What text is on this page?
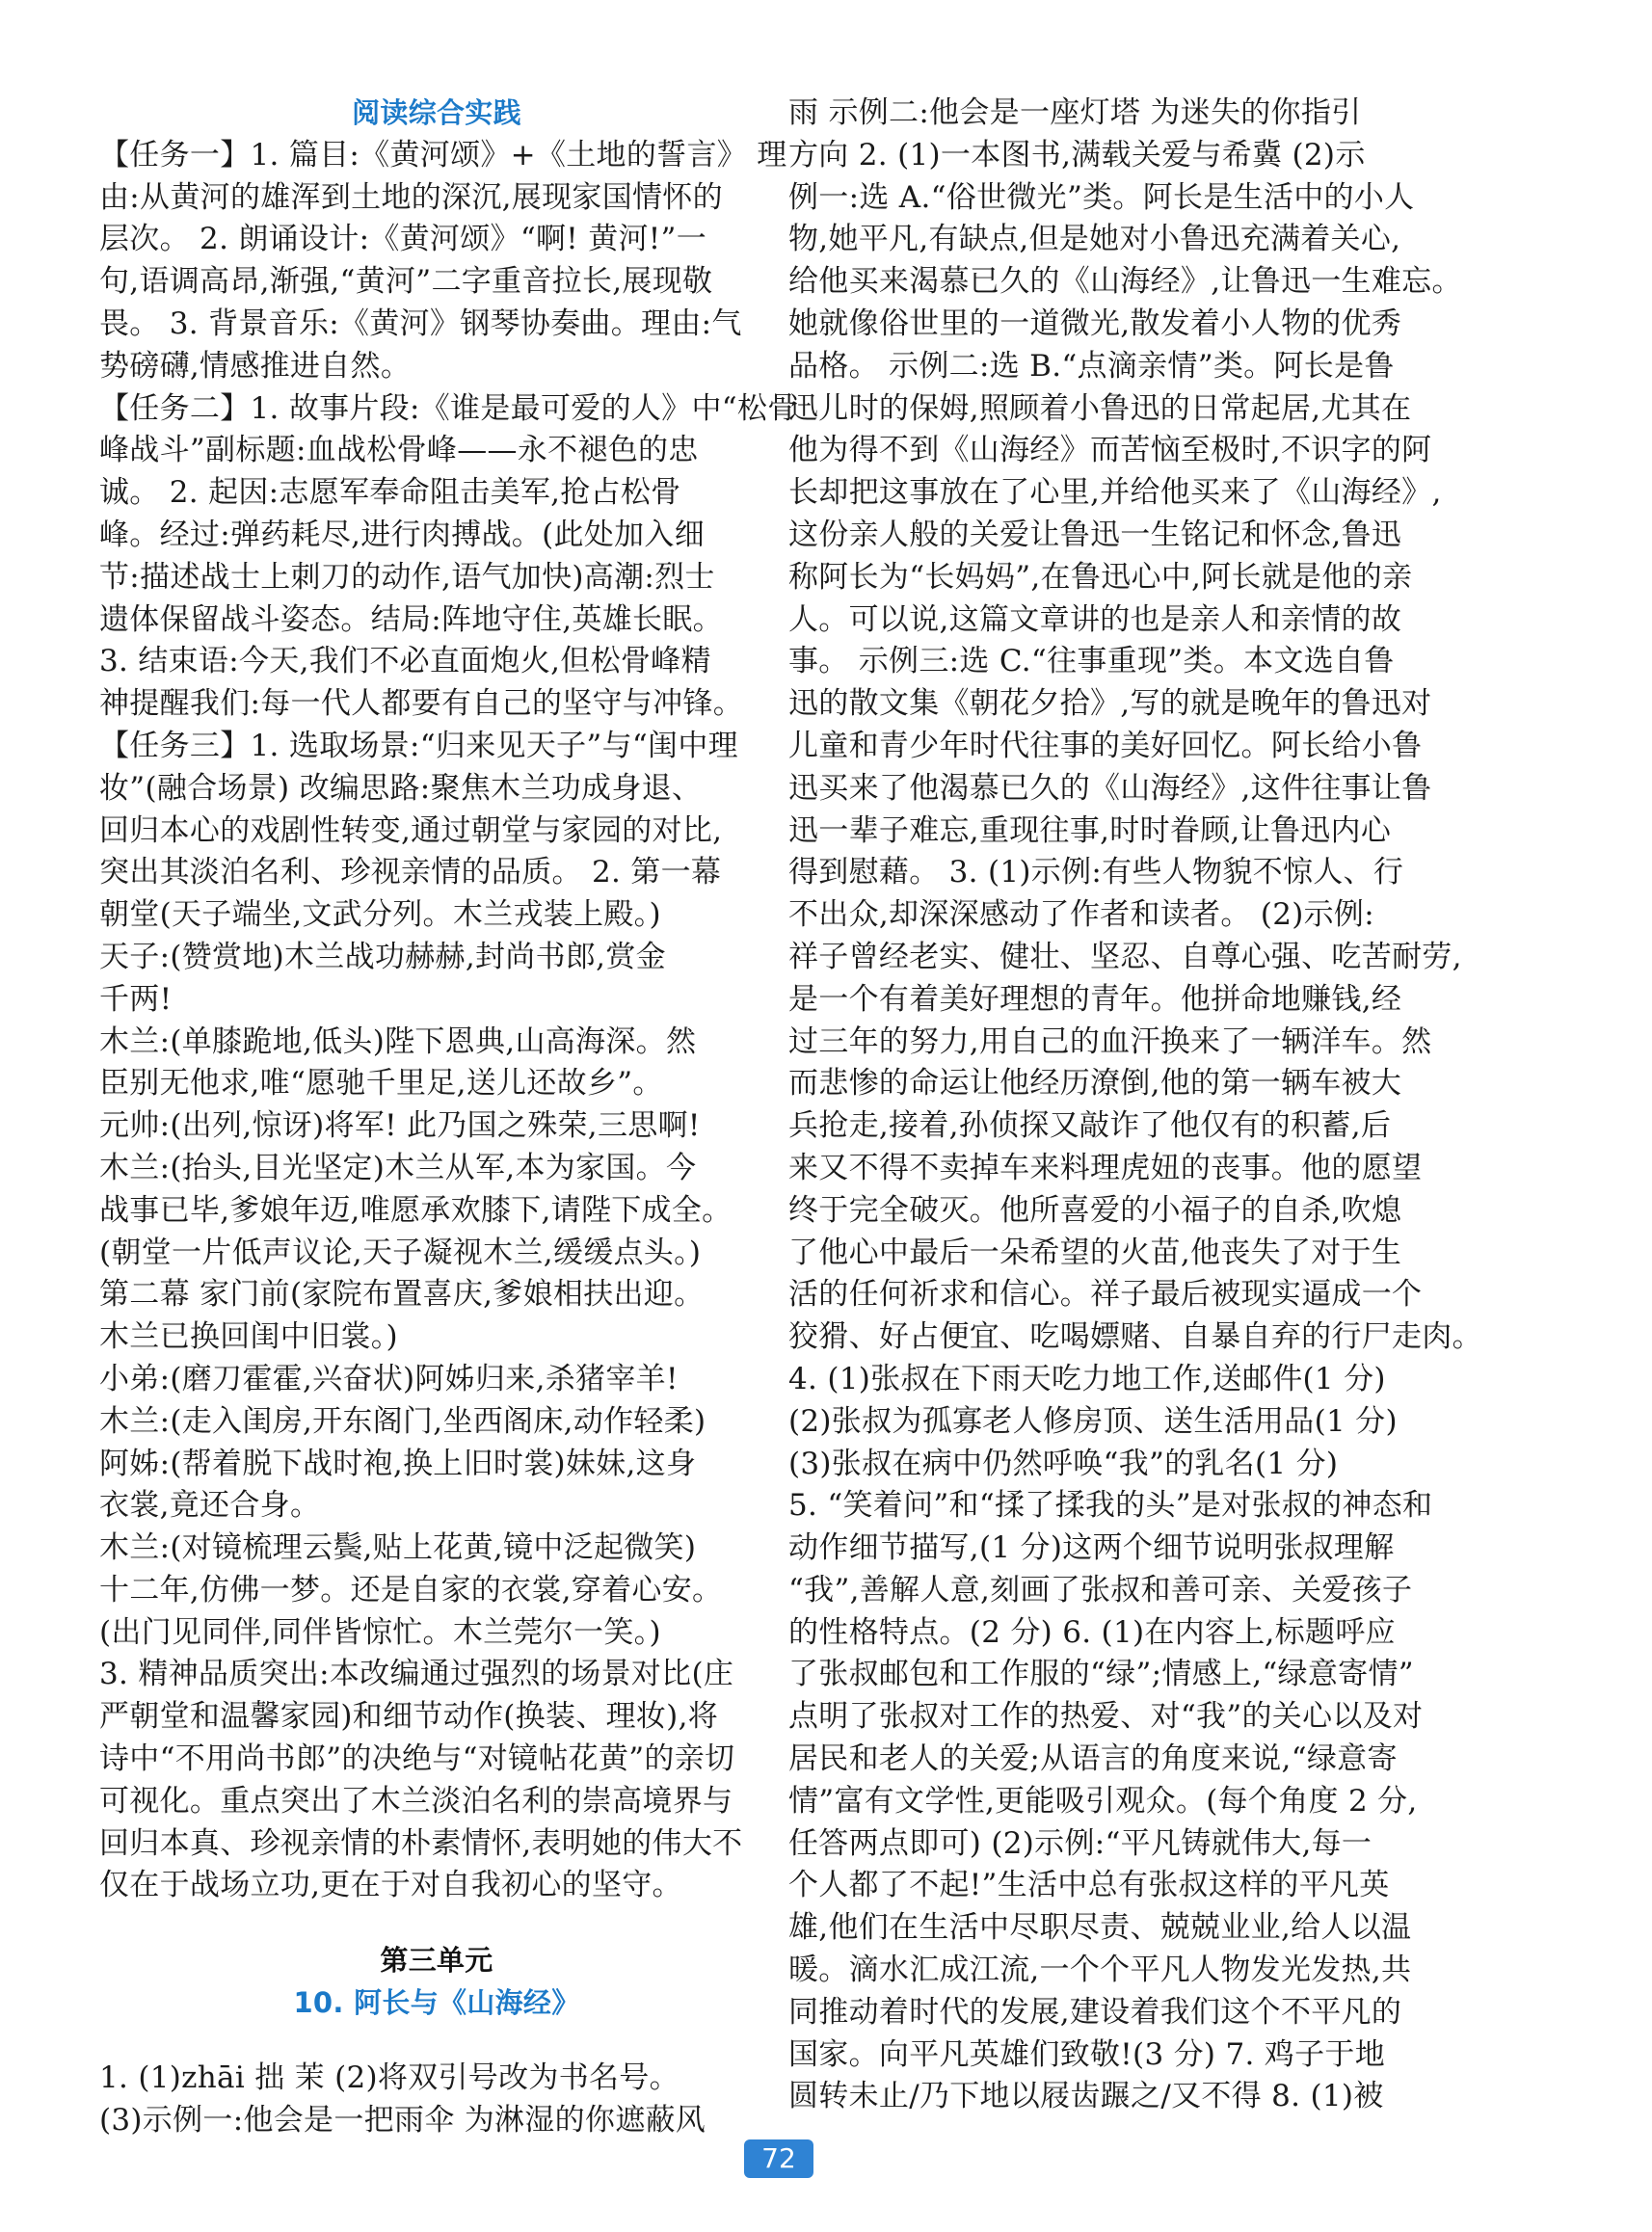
阅读综合实践
【任务一】1. 篇目:《黄河颂》+《土地的誓言》 理
由:从黄河的雄浑到土地的深沉,展现家国情怀的
层次。 2. 朗诵设计:《黄河颂》“啊! 黄河!”一
句,语调高昂,渐强,“黄河”二字重音拉长,展现敬
畏。 3. 背景音乐:《黄河》钢琴协奏曲。理由:气
势磅礴,情感推进自然。
【任务二】1. 故事片段:《谁是最可爱的人》中“松骨
峰战斗”副标题:血战松骨峰——永不褪色的忠
诚。 2. 起因:志愿军奉命阻击美军,抢占松骨
峰。经过:弹药耗尽,进行肉搏战。(此处加入细
节:描述战士上刺刀的动作,语气加快)高潮:烈士
遗体保留战斗姿态。结局:阵地守住,英雄长眠。
3. 结束语:今天,我们不必直面炮火,但松骨峰精
神提醒我们:每一代人都要有自己的坚守与冲锋。
【任务三】1. 选取场景:“归来见天子”与“闺中理
妆”(融合场景) 改编思路:聚焦木兰功成身退、
回归本心的戏剧性转变,通过朝堂与家园的对比,
突出其淡泊名利、珍视亲情的品质。 2. 第一幕
朝堂(天子端坐,文武分列。木兰戎装上殿。)
天子:(赞赏地)木兰战功赫赫,封尚书郎,赏金
千两!
木兰:(单膝跪地,低头)陛下恩典,山高海深。然
臣别无他求,唯“愿驰千里足,送儿还故乡”。
元帅:(出列,惊讶)将军! 此乃国之殊荣,三思啊!
木兰:(抬头,目光坚定)木兰从军,本为家国。今
战事已毕,爹娘年迈,唯愿承欢膝下,请陛下成全。
(朝堂一片低声议论,天子凝视木兰,缓缓点头。)
第二幕 家门前(家院布置喜庆,爹娘相扶出迎。
木兰已换回闺中旧裳。)
小弟:(磨刀霍霍,兴奋状)阿姊归来,杀猪宰羊!
木兰:(走入闺房,开东阁门,坐西阁床,动作轻柔)
阿姊:(帮着脱下战时袍,换上旧时裳)妹妹,这身
衣裳,竟还合身。
木兰:(对镜梳理云鬓,贴上花黄,镜中泛起微笑)
十二年,仿佛一梦。还是自家的衣裳,穿着心安。
(出门见同伴,同伴皆惊忙。木兰莞尔一笑。)
3. 精神品质突出:本改编通过强烈的场景对比(庄
严朝堂和温馨家园)和细节动作(换装、理妆),将
诗中“不用尚书郎”的决绝与“对镜帖花黄”的亲切
可视化。重点突出了木兰淡泊名利的崇高境界与
回归本真、珍视亲情的朴素情怀,表明她的伟大不
仅在于战场立功,更在于对自我初心的坚守。
第三单元
10. 阿长与《山海经》
1. (1)zhāi 拙 茉 (2)将双引号改为书名号。
(3)示例一:他会是一把雨伞 为淋湿的你遮蔽风
雨 示例二:他会是一座灯塔 为迷失的你指引
方向 2. (1)一本图书,满载关爱与希冀 (2)示
例一:选 A.“俗世微光”类。阿长是生活中的小人
物,她平凡,有缺点,但是她对小鲁迅充满着关心,
给他买来渴慕已久的《山海经》,让鲁迅一生难忘。
她就像俗世里的一道微光,散发着小人物的优秀
品格。 示例二:选 B.“点滴亲情”类。阿长是鲁
迅儿时的保姆,照顾着小鲁迅的日常起居,尤其在
他为得不到《山海经》而苦恼至极时,不识字的阿
长却把这事放在了心里,并给他买来了《山海经》,
这份亲人般的关爱让鲁迅一生铭记和怀念,鲁迅
称阿长为“长妈妈”,在鲁迅心中,阿长就是他的亲
人。可以说,这篇文章讲的也是亲人和亲情的故
事。 示例三:选 C.“往事重现”类。本文选自鲁
迅的散文集《朝花夕拾》,写的就是晚年的鲁迅对
儿童和青少年时代往事的美好回忆。阿长给小鲁
迅买来了他渴慕已久的《山海经》,这件往事让鲁
迅一辈子难忘,重现往事,时时眷顾,让鲁迅内心
得到慰藉。 3. (1)示例:有些人物貌不惊人、行
不出众,却深深感动了作者和读者。 (2)示例:
祥子曾经老实、健壮、坚忍、自尊心强、吃苦耐劳,
是一个有着美好理想的青年。他拼命地赚钱,经
过三年的努力,用自己的血汗换来了一辆洋车。然
而悲惨的命运让他经历潦倒,他的第一辆车被大
兵抢走,接着,孙侦探又敲诈了他仅有的积蓄,后
来又不得不卖掉车来料理虎妞的丧事。他的愿望
终于完全破灭。他所喜爱的小福子的自杀,吹熄
了他心中最后一朵希望的火苗,他丧失了对于生
活的任何祈求和信心。祥子最后被现实逼成一个
狡猾、好占便宜、吃喝嫖赌、自暴自弃的行尸走肉。
4. (1)张叔在下雨天吃力地工作,送邮件(1 分)
(2)张叔为孤寡老人修房顶、送生活用品(1 分)
(3)张叔在病中仍然呼唤“我”的乳名(1 分)
5. “笑着问”和“揉了揉我的头”是对张叔的神态和
动作细节描写,(1 分)这两个细节说明张叔理解
“我”,善解人意,刻画了张叔和善可亲、关爱孩子
的性格特点。(2 分) 6. (1)在内容上,标题呼应
了张叔邮包和工作服的“绿”;情感上,“绿意寄情”
点明了张叔对工作的热爱、对“我”的关心以及对
居民和老人的关爱;从语言的角度来说,“绿意寄
情”富有文学性,更能吸引观众。(每个角度 2 分,
任答两点即可) (2)示例:“平凡铸就伟大,每一
个人都了不起!”生活中总有张叔这样的平凡英
雄,他们在生活中尽职尽责、兢兢业业,给人以温
暖。滴水汇成江流,一个个平凡人物发光发热,共
同推动着时代的发展,建设着我们这个不平凡的
国家。向平凡英雄们致敬!(3 分) 7. 鸡子于地
圆转未止/乃下地以屐齿蹍之/又不得 8. (1)被
72
